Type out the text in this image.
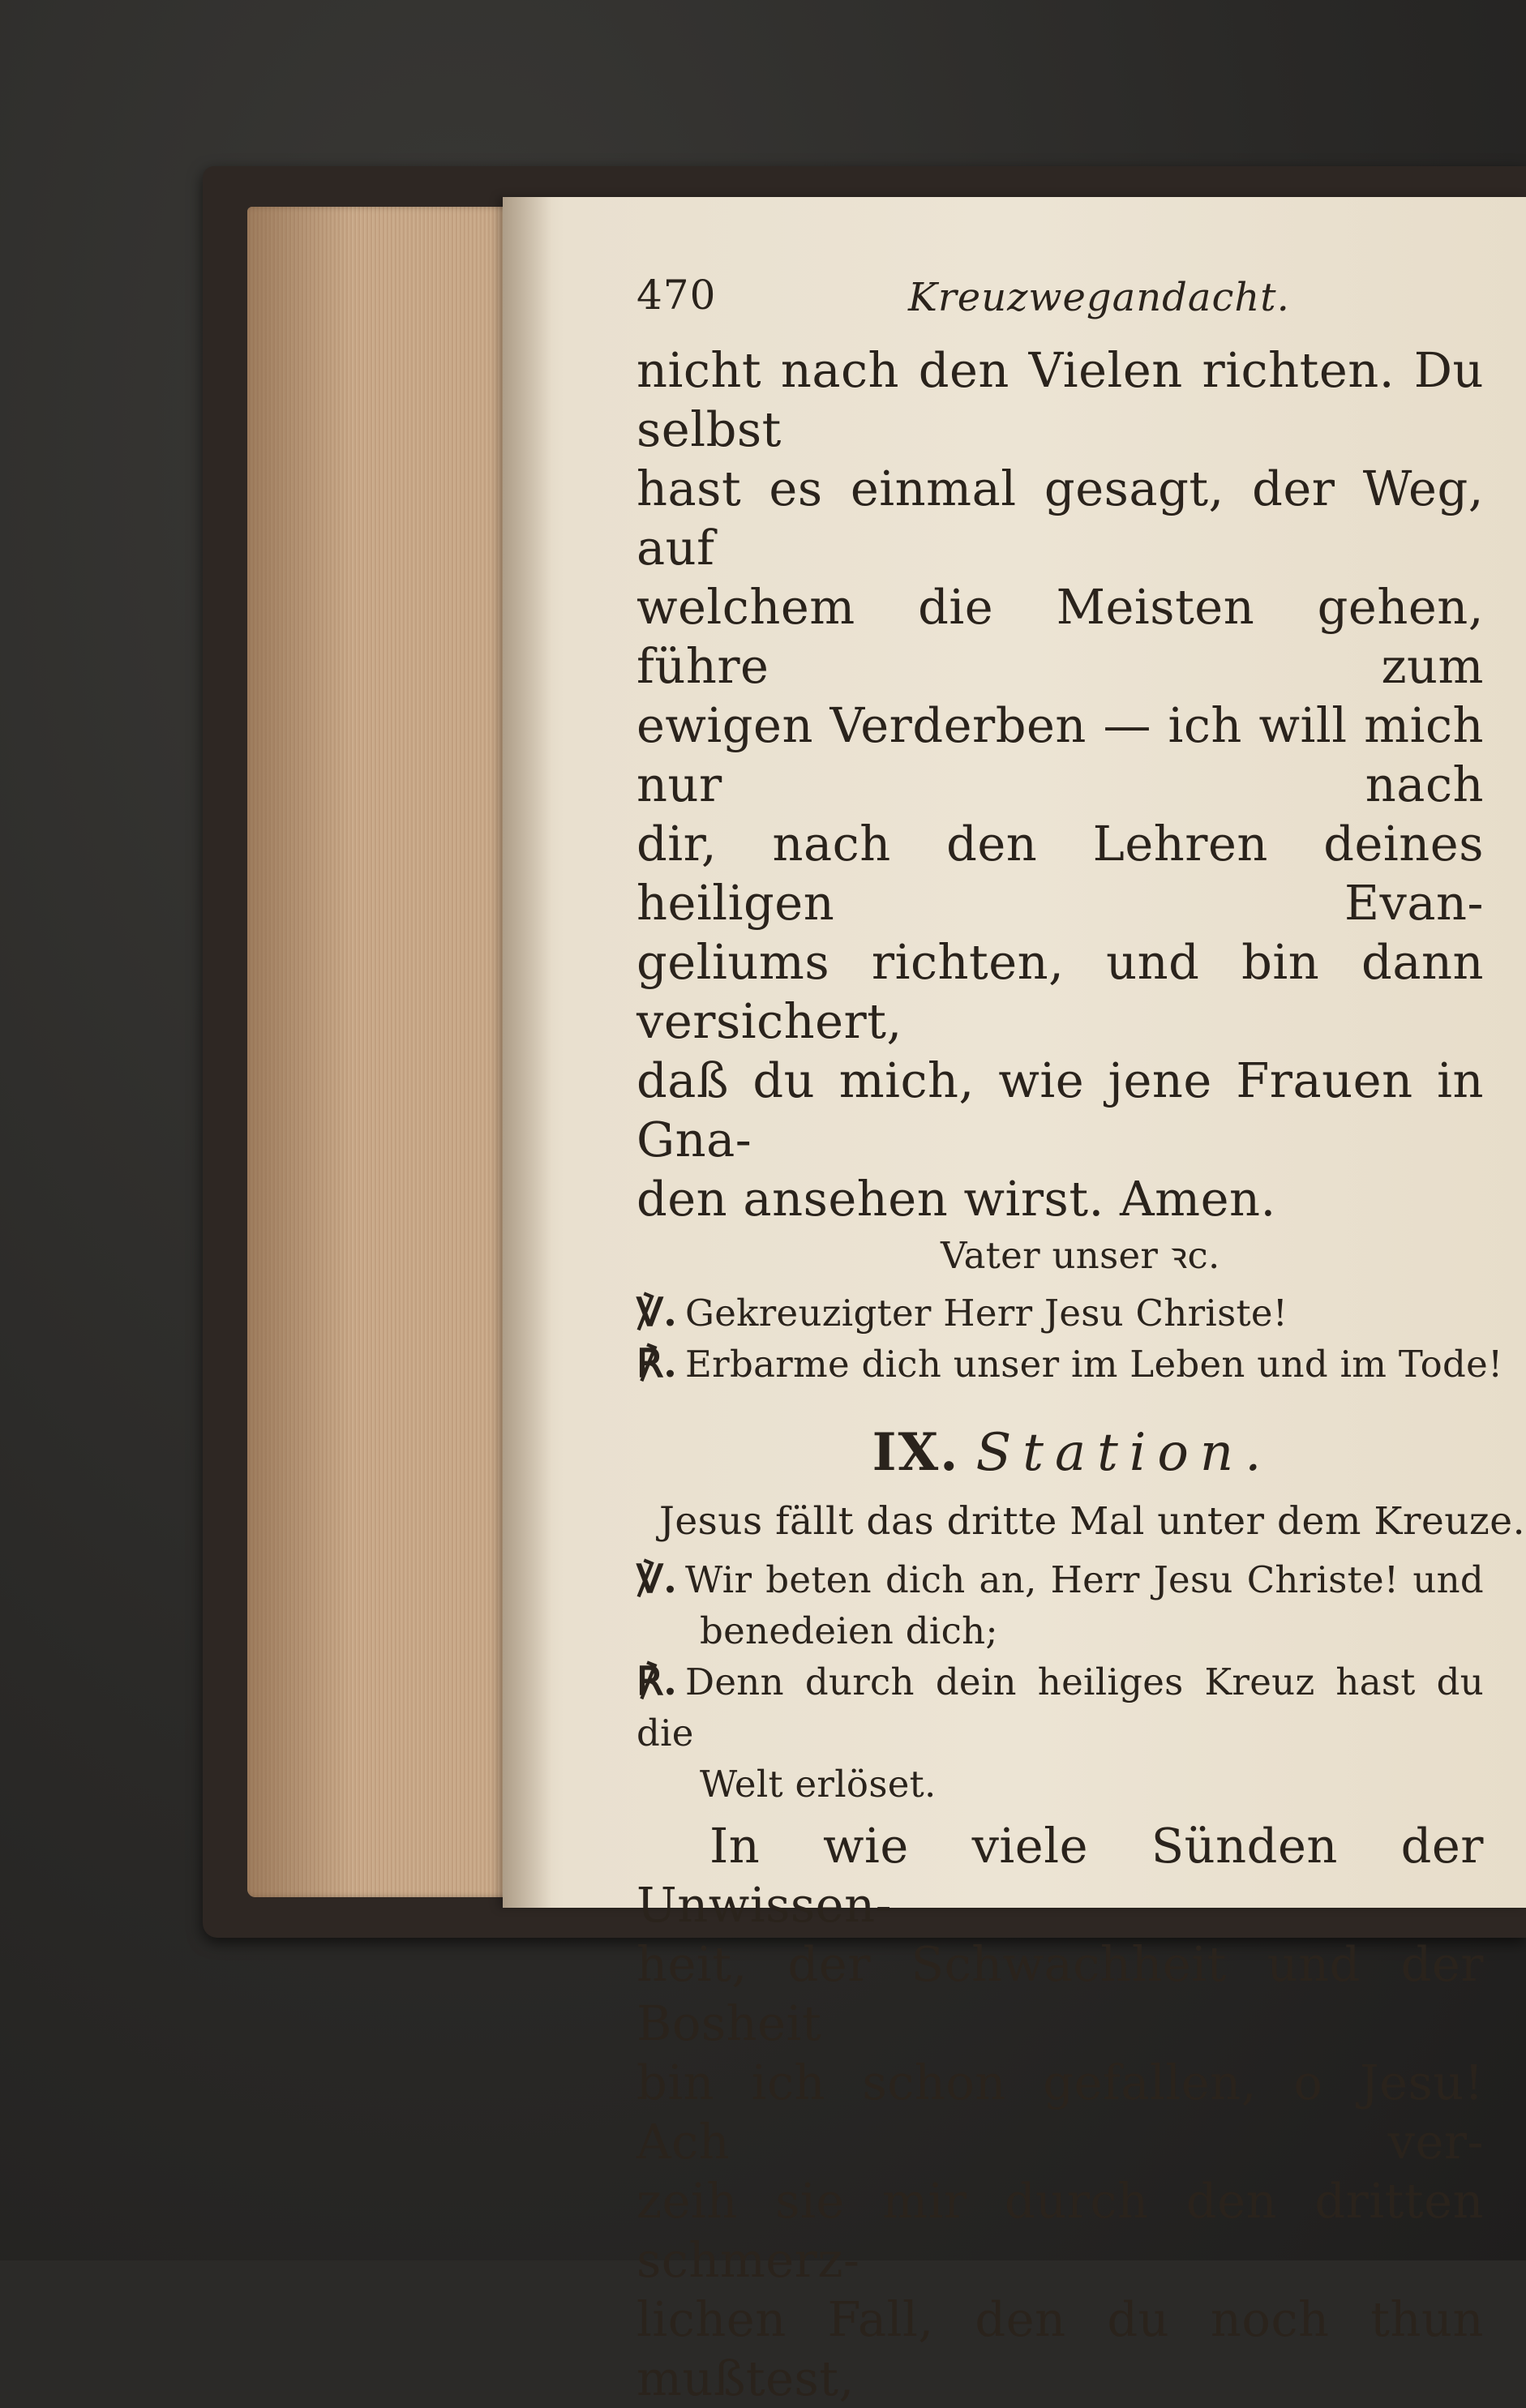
470	Kreuzwegandacht.
nicht nach den Vielen richten. Du selbst
hast es einmal gesagt, der Weg, auf
welchem die Meisten gehen, führe zum
ewigen Verderben — ich will mich nur nach
dir, nach den Lehren deines heiligen Evan-
geliums richten, und bin dann versichert,
daß du mich, wie jene Frauen in Gna-
den ansehen wirst. Amen.
Vater unser ꝛc.
℣. Gekreuzigter Herr Jesu Christe!
℟. Erbarme dich unser im Leben und im Tode!
IX. Station.
Jesus fällt das dritte Mal unter dem Kreuze.
℣. Wir beten dich an, Herr Jesu Christe! und
benedeien dich;
℟. Denn durch dein heiliges Kreuz hast du die
Welt erlöset.
In wie viele Sünden der Unwissen-
heit, der Schwachheit und der Bosheit
bin ich schon gefallen, o Jesu! Ach ver-
zeih sie mir durch den dritten schmerz-
lichen Fall, den du noch thun mußtest,
